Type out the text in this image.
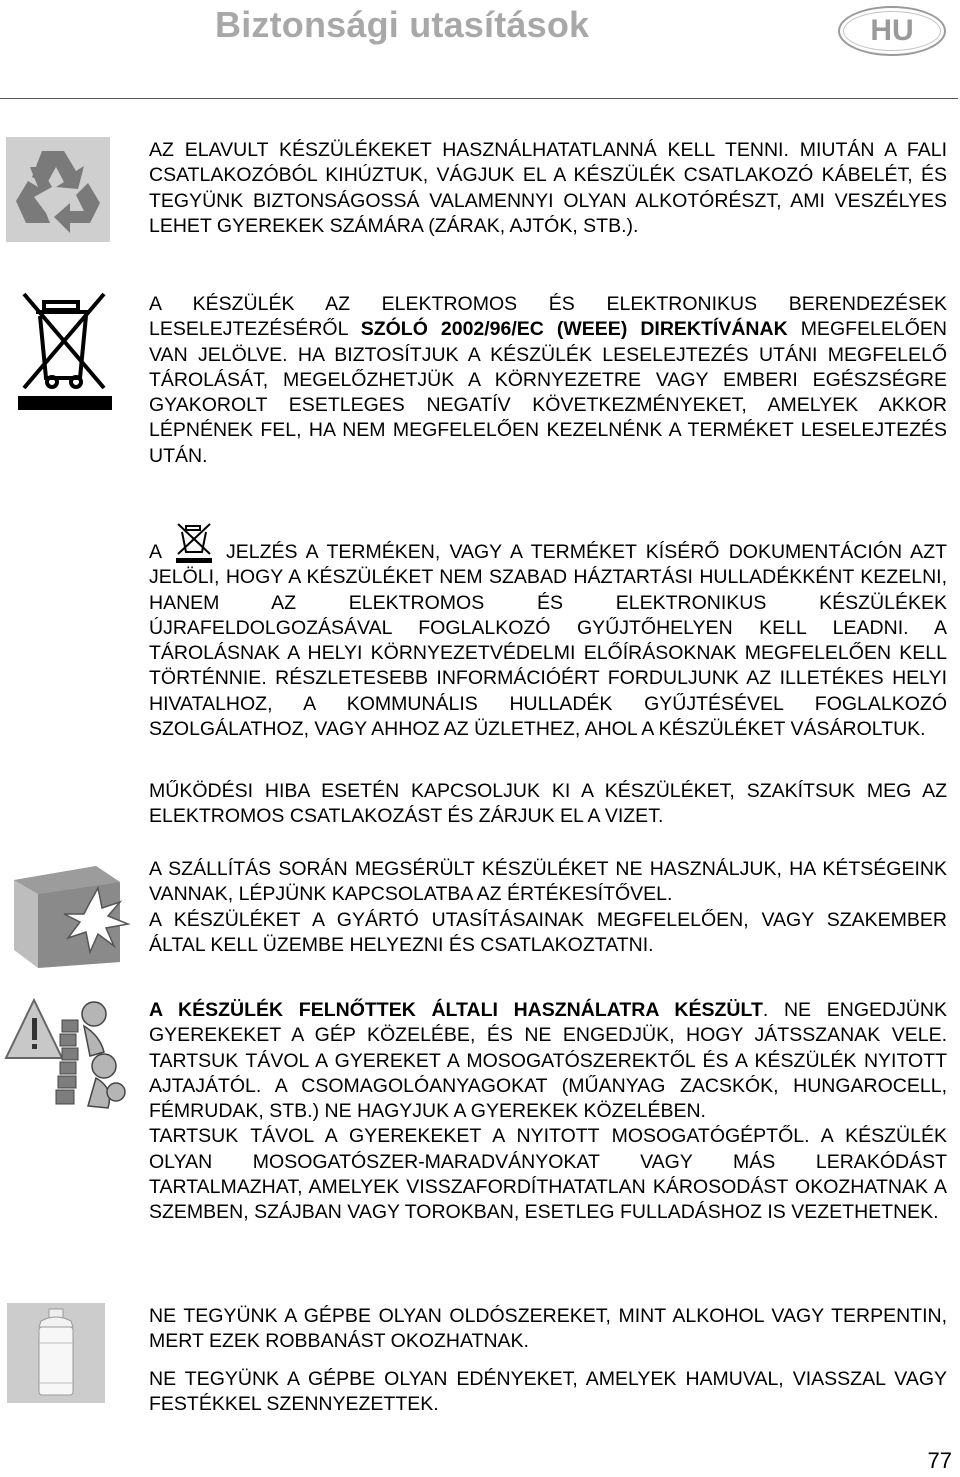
Biztonsági utasítások	HU

AZ ELAVULT KÉSZÜLÉKEKET HASZNÁLHATATLANNÁ KELL TENNI. MIUTÁN A FALI CSATLAKOZÓBÓL KIHÚZTUK, VÁGJUK EL A KÉSZÜLÉK CSATLAKOZÓ KÁBELÉT, ÉS TEGYÜNK BIZTONSÁGOSSÁ VALAMENNYI OLYAN ALKOTÓRÉSZT, AMI VESZÉLYES LEHET GYEREKEK SZÁMÁRA (ZÁRAK, AJTÓK, STB.).

A KÉSZÜLÉK AZ ELEKTROMOS ÉS ELEKTRONIKUS BERENDEZÉSEK LESELEJTEZÉSÉRŐL SZÓLÓ 2002/96/EC (WEEE) DIREKTÍVÁNAK MEGFELELŐEN VAN JELÖLVE. HA BIZTOSÍTJUK A KÉSZÜLÉK LESELEJTEZÉS UTÁNI MEGFELELŐ TÁROLÁSÁT, MEGELŐZHETJÜK A KÖRNYEZETRE VAGY EMBERI EGÉSZSÉGRE GYAKOROLT ESETLEGES NEGATÍV KÖVETKEZMÉNYEKET, AMELYEK AKKOR LÉPNÉNEK FEL, HA NEM MEGFELELŐEN KEZELNÉNK A TERMÉKET LESELEJTEZÉS UTÁN.

A	JELZÉS A TERMÉKEN, VAGY A TERMÉKET KÍSÉRŐ DOKUMENTÁCIÓN AZT JELÖLI, HOGY A KÉSZÜLÉKET NEM SZABAD HÁZTARTÁSI HULLADÉKKÉNT KEZELNI, HANEM AZ ELEKTROMOS ÉS ELEKTRONIKUS KÉSZÜLÉKEK ÚJRAFELDOLGOZÁSÁVAL FOGLALKOZÓ GYŰJTŐHELYEN KELL LEADNI. A TÁROLÁSNAK A HELYI KÖRNYEZETVÉDELMI ELŐÍRÁSOKNAK MEGFELELŐEN KELL TÖRTÉNNIE. RÉSZLETESEBB INFORMÁCIÓÉRT FORDULJUNK AZ ILLETÉKES HELYI HIVATALHOZ, A KOMMUNÁLIS HULLADÉK GYŰJTÉSÉVEL FOGLALKOZÓ SZOLGÁLATHOZ, VAGY AHHOZ AZ ÜZLETHEZ, AHOL A KÉSZÜLÉKET VÁSÁROLTUK.

MŰKÖDÉSI HIBA ESETÉN KAPCSOLJUK KI A KÉSZÜLÉKET, SZAKÍTSUK MEG AZ ELEKTROMOS CSATLAKOZÁST ÉS ZÁRJUK EL A VIZET.

A SZÁLLÍTÁS SORÁN MEGSÉRÜLT KÉSZÜLÉKET NE HASZNÁLJUK, HA KÉTSÉGEINK VANNAK, LÉPJÜNK KAPCSOLATBA AZ ÉRTÉKESÍTŐVEL.

A KÉSZÜLÉKET A GYÁRTÓ UTASÍTÁSAINAK MEGFELELŐEN, VAGY SZAKEMBER ÁLTAL KELL ÜZEMBE HELYEZNI ÉS CSATLAKOZTATNI.

A KÉSZÜLÉK FELNŐTTEK ÁLTALI HASZNÁLATRA KÉSZÜLT. NE ENGEDJÜNK GYEREKEKET A GÉP KÖZELÉBE, ÉS NE ENGEDJÜK, HOGY JÁTSSZANAK VELE. TARTSUK TÁVOL A GYEREKET A MOSOGATÓSZEREKTŐL ÉS A KÉSZÜLÉK NYITOTT AJTAJÁTÓL. A CSOMAGOLÓANYAGOKAT (MŰANYAG ZACSKÓK, HUNGAROCELL, FÉMRUDAK, STB.) NE HAGYJUK A GYEREKEK KÖZELÉBEN.

TARTSUK TÁVOL A GYEREKEKET A NYITOTT MOSOGATÓGÉPTŐL. A KÉSZÜLÉK OLYAN MOSOGATÓSZER-MARADVÁNYOKAT VAGY MÁS LERAKÓDÁST TARTALMAZHAT, AMELYEK VISSZAFORDÍTHATATLAN KÁROSODÁST OKOZHATNAK A SZEMBEN, SZÁJBAN VAGY TOROKBAN, ESETLEG FULLADÁSHOZ IS VEZETHETNEK.

NE TEGYÜNK A GÉPBE OLYAN OLDÓSZEREKET, MINT ALKOHOL VAGY TERPENTIN, MERT EZEK ROBBANÁST OKOZHATNAK.

NE TEGYÜNK A GÉPBE OLYAN EDÉNYEKET, AMELYEK HAMUVAL, VIASSZAL VAGY FESTÉKKEL SZENNYEZETTEK.

77
